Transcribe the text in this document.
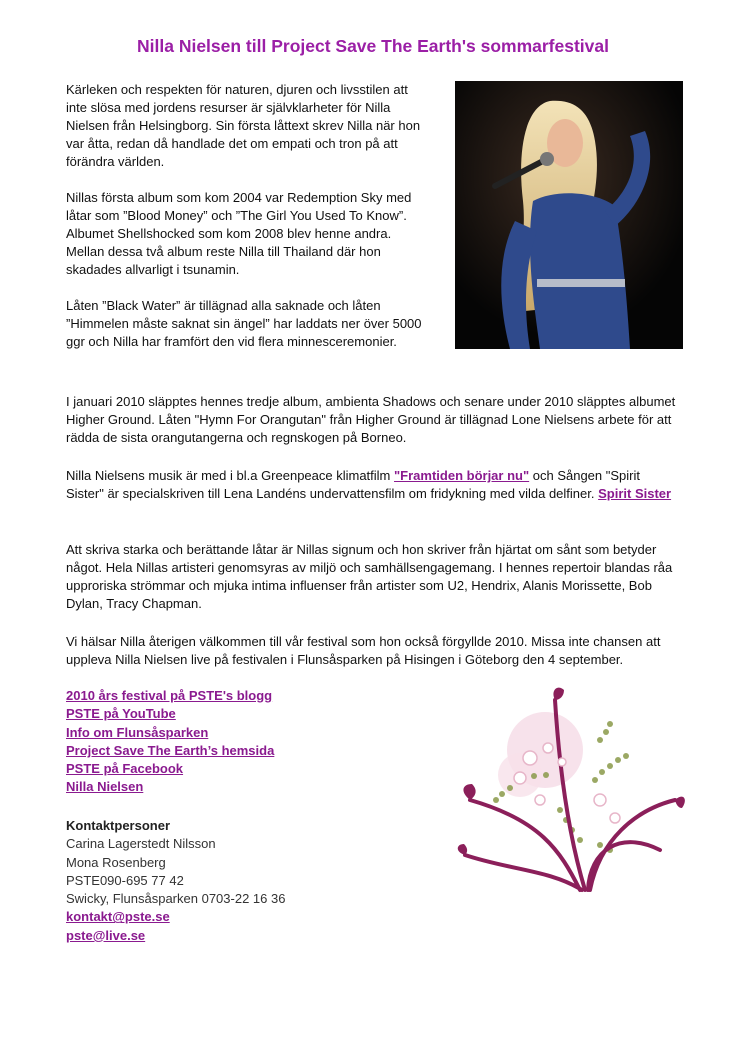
Nilla Nielsen till Project Save The Earth's sommarfestival

Kärleken och respekten för naturen, djuren och livsstilen att inte slösa med jordens resurser är självklarheter för Nilla Nielsen från Helsingborg. Sin första låttext skrev Nilla när hon var åtta, redan då handlade det om empati och tron på att förändra världen.

Nillas första album som kom 2004 var Redemption Sky med låtar som ”Blood Money” och ”The Girl You Used To Know”. Albumet Shellshocked som kom 2008 blev henne andra. Mellan dessa två album reste Nilla till Thailand där hon skadades allvarligt i tsunamin.

Låten ”Black Water” är tillägnad alla saknade och låten ”Himmelen måste saknat sin ängel” har laddats ner över 5000 ggr och Nilla har framfört den vid flera minnesceremonier.

I januari 2010 släpptes hennes tredje album, ambienta Shadows och senare under 2010 släpptes albumet Higher Ground. Låten "Hymn For Orangutan" från Higher Ground är tillägnad Lone Nielsens arbete för att rädda de sista orangutangerna och regnskogen på Borneo.

Nilla Nielsens musik är med i bl.a Greenpeace klimatfilm "Framtiden börjar nu" och Sången "Spirit Sister" är specialskriven till Lena Landéns undervattensfilm om fridykning med vilda delfiner. Spirit Sister

Att skriva starka och berättande låtar är Nillas signum och hon skriver från hjärtat om sånt som betyder något. Hela Nillas artisteri genomsyras av miljö och samhällsengagemang. I hennes repertoir blandas råa upproriska strömmar och mjuka intima influenser från artister som U2, Hendrix, Alanis Morissette, Bob Dylan, Tracy Chapman.

Vi hälsar Nilla återigen välkommen till vår festival som hon också förgyllde 2010. Missa inte chansen att uppleva Nilla Nielsen live på festivalen i Flunsåsparken på Hisingen i Göteborg den 4 september.

2010 års festival på PSTE's blogg
PSTE på YouTube
Info om Flunsåsparken
Project Save The Earth’s hemsida
PSTE på Facebook
Nilla Nielsen
Kontaktpersoner
Carina Lagerstedt Nilsson
Mona Rosenberg
PSTE090-695 77 42
Swicky, Flunsåsparken 0703-22 16 36
kontakt@pste.se
pste@live.se
